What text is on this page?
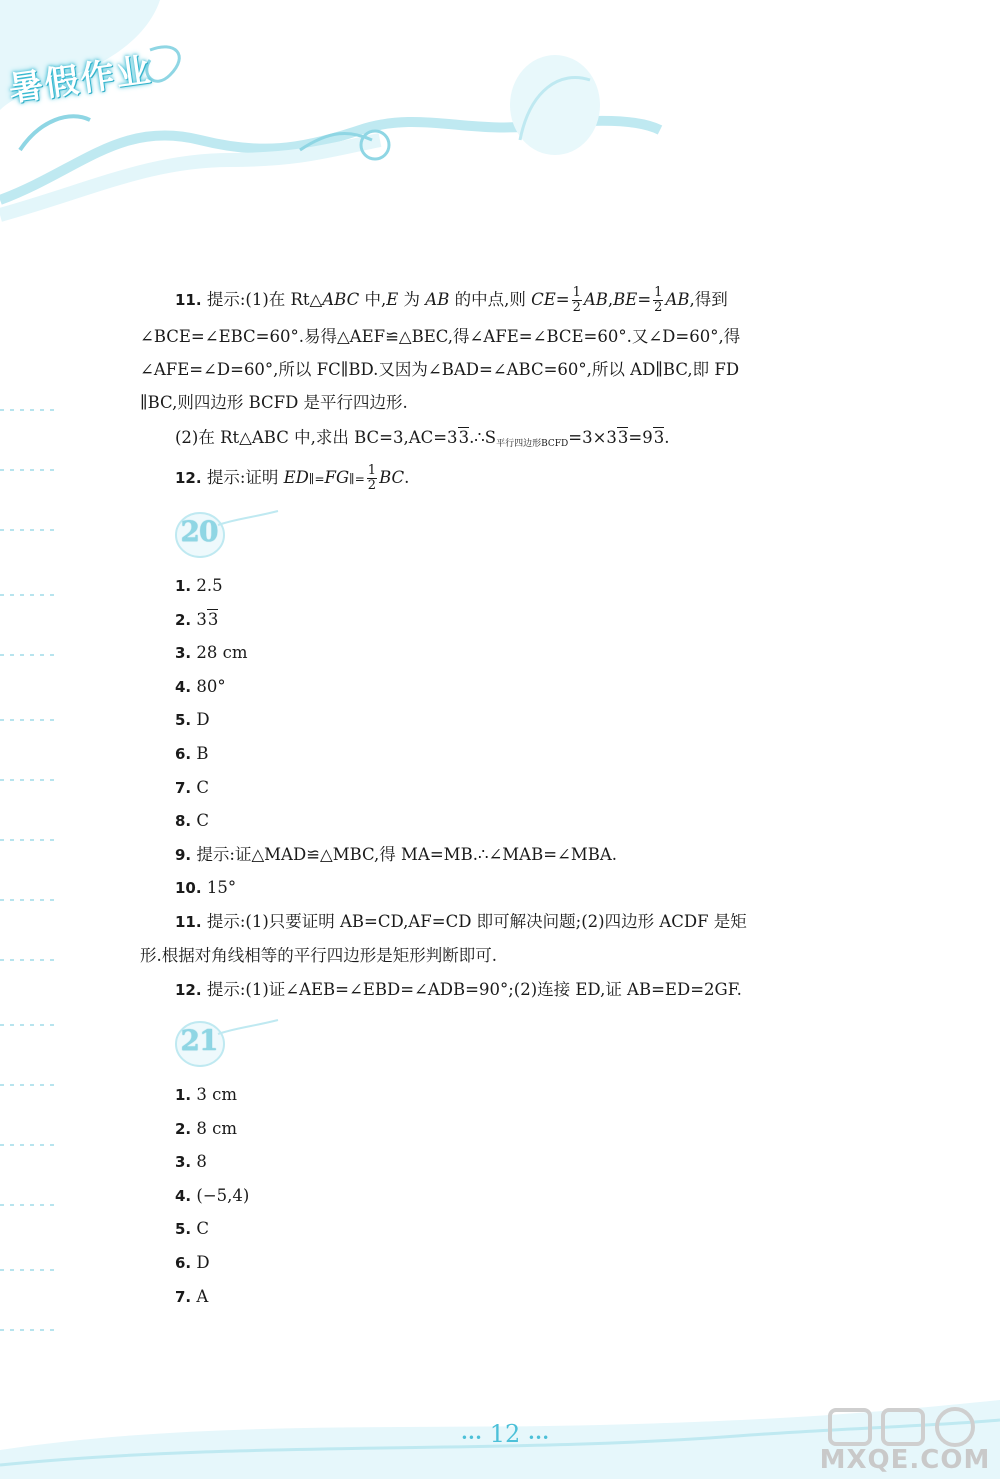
暑假作业
11. 提示:(1)在 Rt△ABC 中,E 为 AB 的中点,则 $CE= \frac{1}{2} AB,BE= \frac{1}{2}$ AB,得到
∠BCE=∠EBC=60°.易得△AEF≌△BEC,得∠AFE=∠BCE=60°.又∠D=60°,得
∠AFE=∠D=60°,所以 FC∥BD.又因为∠BAD=∠ABC=60°,所以 AD∥BC,即 FD
∥BC,则四边形 BCFD 是平行四边形.
(2)在 Rt△ABC 中,求出 $BC=3,AC=33.\therefore S_{平行四边形BCFD}=3\times 33=93$.
12. 提示:证明 ED∥=FG∥= $\frac{1}{2}$ BC.
20
1. 2.5
2. 33
3. 28 cm
4. 80°
5. D
6. B
7. C
8. C
9. 提示:证△MAD≌△MBC,得 MA=MB.∴∠MAB=∠MBA.
10. 15°
11. 提示:(1)只要证明 AB=CD,AF=CD 即可解决问题;(2)四边形 ACDF 是矩
形.根据对角线相等的平行四边形是矩形判断即可.
12. 提示:(1)证∠AEB=∠EBD=∠ADB=90°;(2)连接 ED,证 AB=ED=2GF.
21
1. 3 cm
2. 8 cm
3. 8
4. (−5,4)
5. C
6. D
7. A
••• 12 •••
MXQE.COM
